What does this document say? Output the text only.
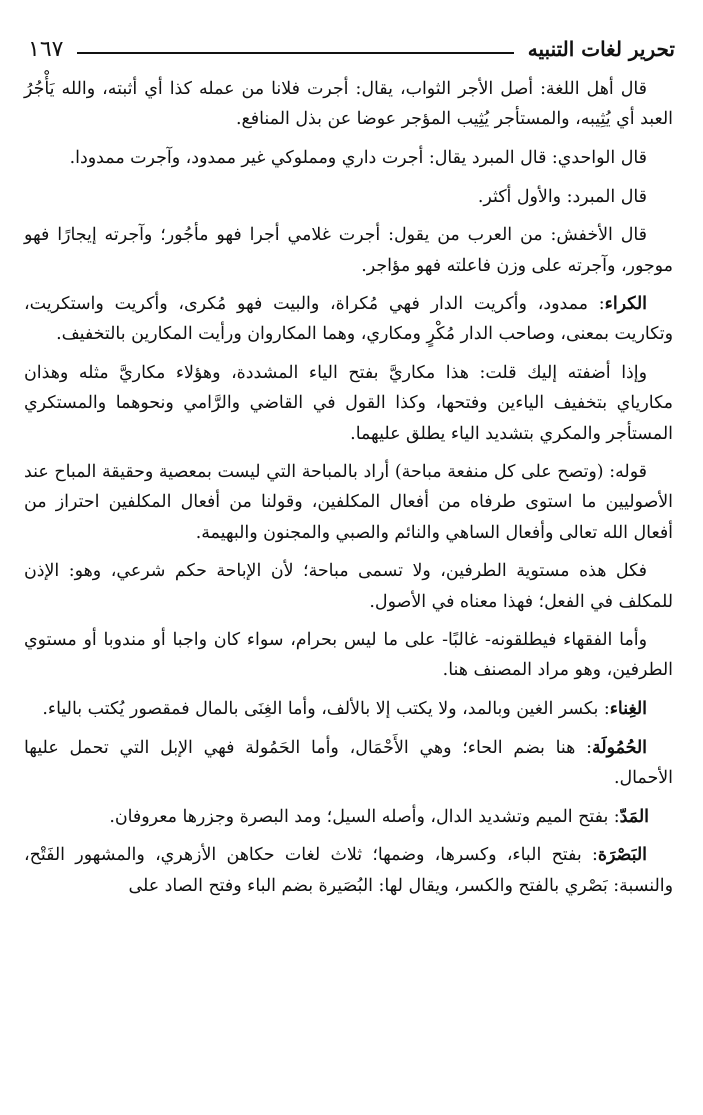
تحرير لغات التنبيه
١٦٧

قال أهل اللغة: أصل الأجر الثواب، يقال: أجرت فلانا من عمله كذا أي أثبته، والله يَأْجُرُ العبد أي يُثِيبه، والمستأجر يُثِيب المؤجر عوضا عن بذل المنافع.

قال الواحدي: قال المبرد يقال: أجرت داري ومملوكي غير ممدود، وآجرت ممدودا.

قال المبرد: والأول أكثر.

قال الأخفش: من العرب من يقول: أجرت غلامي أجرا فهو مأجُور؛ وآجرته إيجارًا فهو موجور، وآجرته على وزن فاعلته فهو مؤاجر.

الكراء: ممدود، وأكريت الدار فهي مُكراة، والبيت فهو مُكرى، وأكريت واستكريت، وتكاريت بمعنى، وصاحب الدار مُكْرٍ ومكاري، وهما المكاروان ورأيت المكارين بالتخفيف.

وإذا أضفته إليك قلت: هذا مكاريَّ بفتح الياء المشددة، وهؤلاء مكاريَّ مثله وهذان مكارياي بتخفيف الياءين وفتحها، وكذا القول في القاضي والرَّامي ونحوهما والمستكري المستأجر والمكري بتشديد الياء يطلق عليهما.

قوله: (وتصح على كل منفعة مباحة) أراد بالمباحة التي ليست بمعصية وحقيقة المباح عند الأصوليين ما استوى طرفاه من أفعال المكلفين، وقولنا من أفعال المكلفين احتراز من أفعال الله تعالى وأفعال الساهي والنائم والصبي والمجنون والبهيمة.

فكل هذه مستوية الطرفين، ولا تسمى مباحة؛ لأن الإباحة حكم شرعي، وهو: الإذن للمكلف في الفعل؛ فهذا معناه في الأصول.

وأما الفقهاء فيطلقونه- غالبًا- على ما ليس بحرام، سواء كان واجبا أو مندوبا أو مستوي الطرفين، وهو مراد المصنف هنا.

الغِناء: بكسر الغين وبالمد، ولا يكتب إلا بالألف، وأما الغِنَى بالمال فمقصور يُكتب بالياء.

الحُمُولَة: هنا بضم الحاء؛ وهي الأَحْمَال، وأما الحَمُولة فهي الإبل التي تحمل عليها الأحمال.

المَدّ: بفتح الميم وتشديد الدال، وأصله السيل؛ ومد البصرة وجزرها معروفان.

البَصْرَة: بفتح الباء، وكسرها، وضمها؛ ثلاث لغات حكاهن الأزهري، والمشهور الفَتْح، والنسبة: بَصْري بالفتح والكسر، ويقال لها: البُصَيرة بضم الباء وفتح الصاد على
